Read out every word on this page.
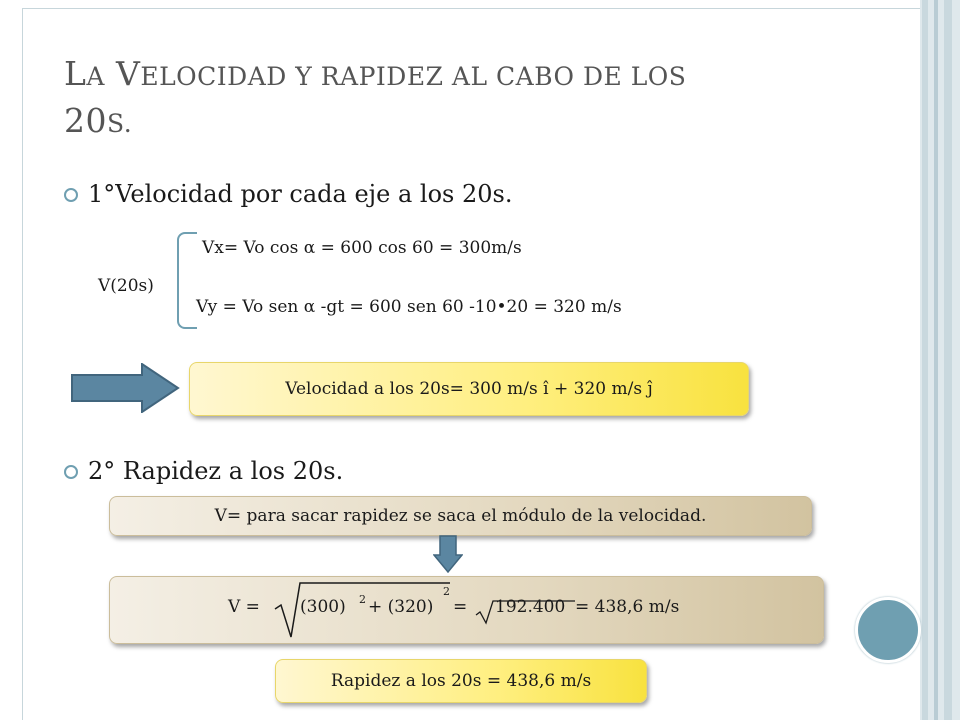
LA VELOCIDAD Y RAPIDEZ AL CABO DE LOS
20S.
1°Velocidad por cada eje a los 20s.
Vx= Vo cos α = 600 cos 60 = 300m/s
V(20s)
Vy = Vo sen α -gt = 600 sen 60 -10•20 = 320 m/s
Velocidad a los 20s= 300 m/s î + 320 m/s ĵ
2° Rapidez a los 20s.
V= para sacar rapidez se saca el módulo de la velocidad.
V = (300) 2 + (320)
2
= 192.400 = 438,6 m/s
Rapidez a los 20s = 438,6 m/s
